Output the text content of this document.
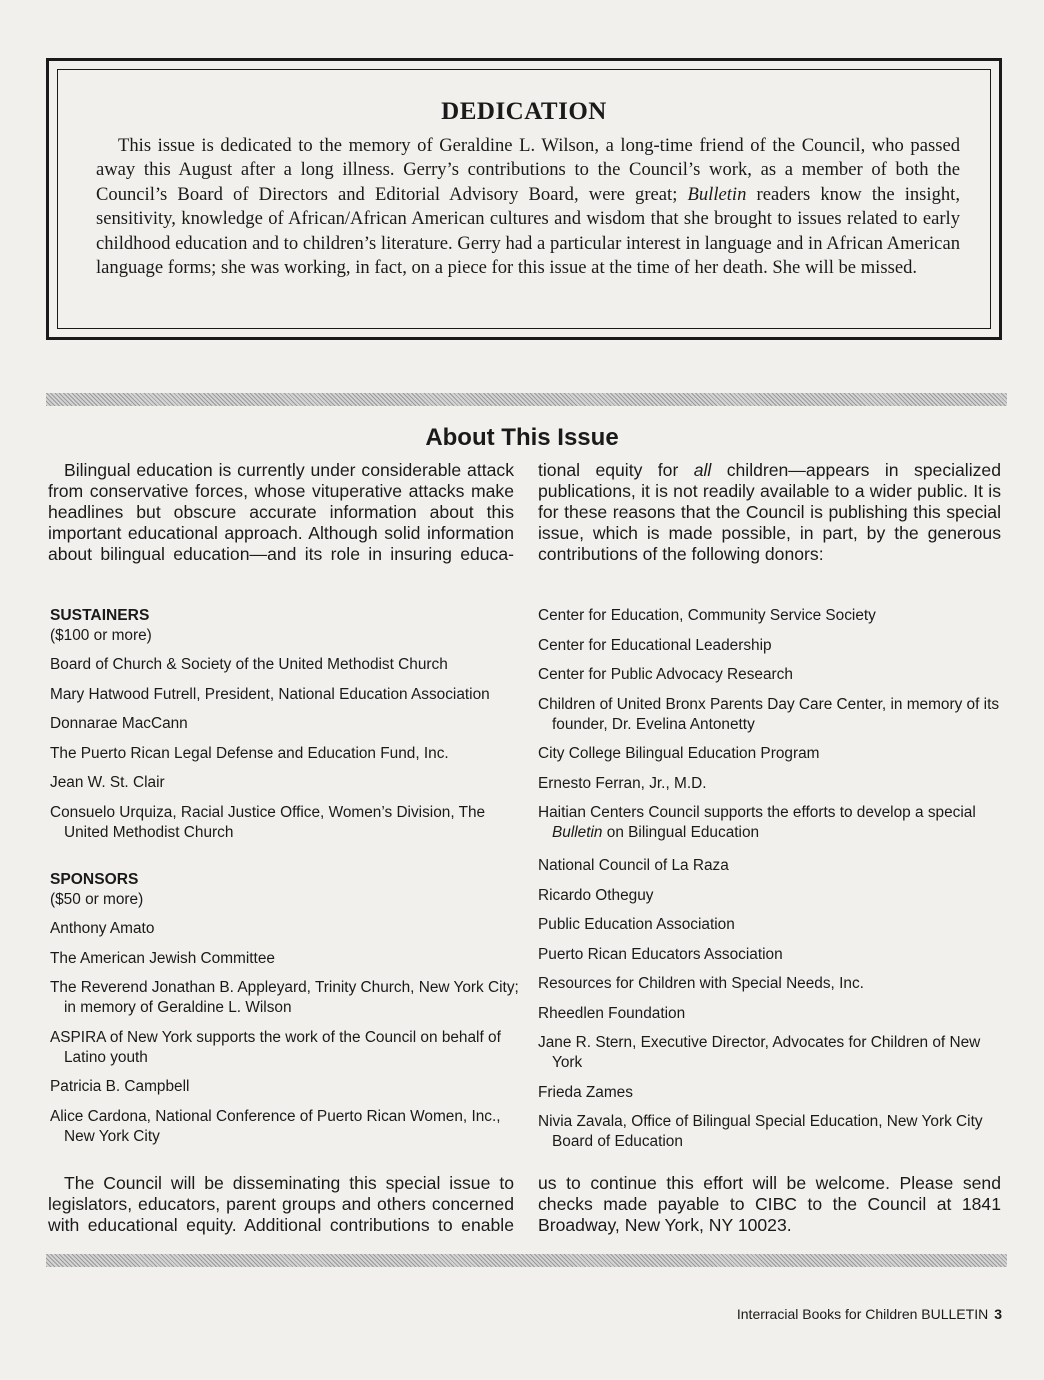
DEDICATION
This issue is dedicated to the memory of Geraldine L. Wilson, a long-time friend of the Council, who passed away this August after a long illness. Gerry’s contributions to the Council’s work, as a member of both the Council’s Board of Directors and Editorial Advisory Board, were great; Bulletin readers know the insight, sensitivity, knowledge of African/African American cultures and wisdom that she brought to issues related to early childhood education and to children’s literature. Gerry had a particular interest in language and in African American language forms; she was working, in fact, on a piece for this issue at the time of her death. She will be missed.
About This Issue
Bilingual education is currently under considerable attack from conservative forces, whose vituperative attacks make headlines but obscure accurate information about this important educational approach. Although solid information about bilingual education—and its role in insuring educa-
tional equity for all children—appears in specialized publications, it is not readily available to a wider public. It is for these reasons that the Council is publishing this special issue, which is made possible, in part, by the generous contributions of the following donors:
SUSTAINERS
($100 or more)
Board of Church & Society of the United Methodist Church
Mary Hatwood Futrell, President, National Education Association
Donnarae MacCann
The Puerto Rican Legal Defense and Education Fund, Inc.
Jean W. St. Clair
Consuelo Urquiza, Racial Justice Office, Women’s Division, The United Methodist Church
SPONSORS
($50 or more)
Anthony Amato
The American Jewish Committee
The Reverend Jonathan B. Appleyard, Trinity Church, New York City; in memory of Geraldine L. Wilson
ASPIRA of New York supports the work of the Council on behalf of Latino youth
Patricia B. Campbell
Alice Cardona, National Conference of Puerto Rican Women, Inc., New York City
Center for Education, Community Service Society
Center for Educational Leadership
Center for Public Advocacy Research
Children of United Bronx Parents Day Care Center, in memory of its founder, Dr. Evelina Antonetty
City College Bilingual Education Program
Ernesto Ferran, Jr., M.D.
Haitian Centers Council supports the efforts to develop a special Bulletin on Bilingual Education
National Council of La Raza
Ricardo Otheguy
Public Education Association
Puerto Rican Educators Association
Resources for Children with Special Needs, Inc.
Rheedlen Foundation
Jane R. Stern, Executive Director, Advocates for Children of New York
Frieda Zames
Nivia Zavala, Office of Bilingual Special Education, New York City Board of Education
The Council will be disseminating this special issue to legislators, educators, parent groups and others concerned with educational equity. Additional contributions to enable
us to continue this effort will be welcome. Please send checks made payable to CIBC to the Council at 1841 Broadway, New York, NY 10023.
Interracial Books for Children BULLETIN 3
